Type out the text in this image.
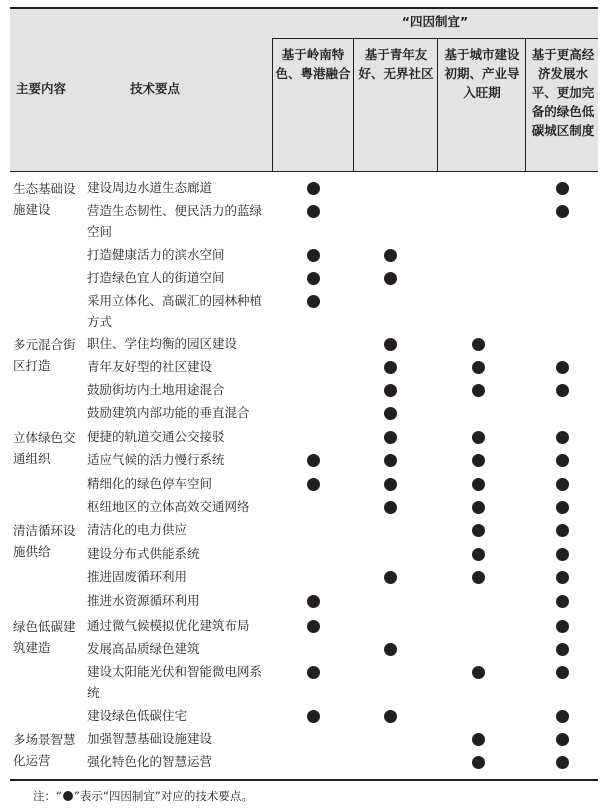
“四因制宜”
主要内容	技术要点
基于岭南特色、粤港融合
基于青年友好、无界社区
基于城市建设初期、产业导入旺期
基于更高经济发展水平、更加完备的绿色低碳城区制度
生态基础设施建设
建设周边水道生态廊道
营造生态韧性、便民活力的蓝绿空间
打造健康活力的滨水空间
打造绿色宜人的街道空间
采用立体化、高碳汇的园林种植方式
多元混合街区打造
职住、学住均衡的园区建设
青年友好型的社区建设
鼓励街坊内土地用途混合
鼓励建筑内部功能的垂直混合
立体绿色交通组织
便捷的轨道交通公交接驳
适应气候的活力慢行系统
精细化的绿色停车空间
枢纽地区的立体高效交通网络
清洁循环设施供给
清洁化的电力供应
建设分布式供能系统
推进固废循环利用
推进水资源循环利用
绿色低碳建筑建造
通过微气候模拟优化建筑布局
发展高品质绿色建筑
建设太阳能光伏和智能微电网系统
建设绿色低碳住宅
多场景智慧化运营
加强智慧基础设施建设
强化特色化的智慧运营
注：“ ”表示“四因制宜”对应的技术要点。
